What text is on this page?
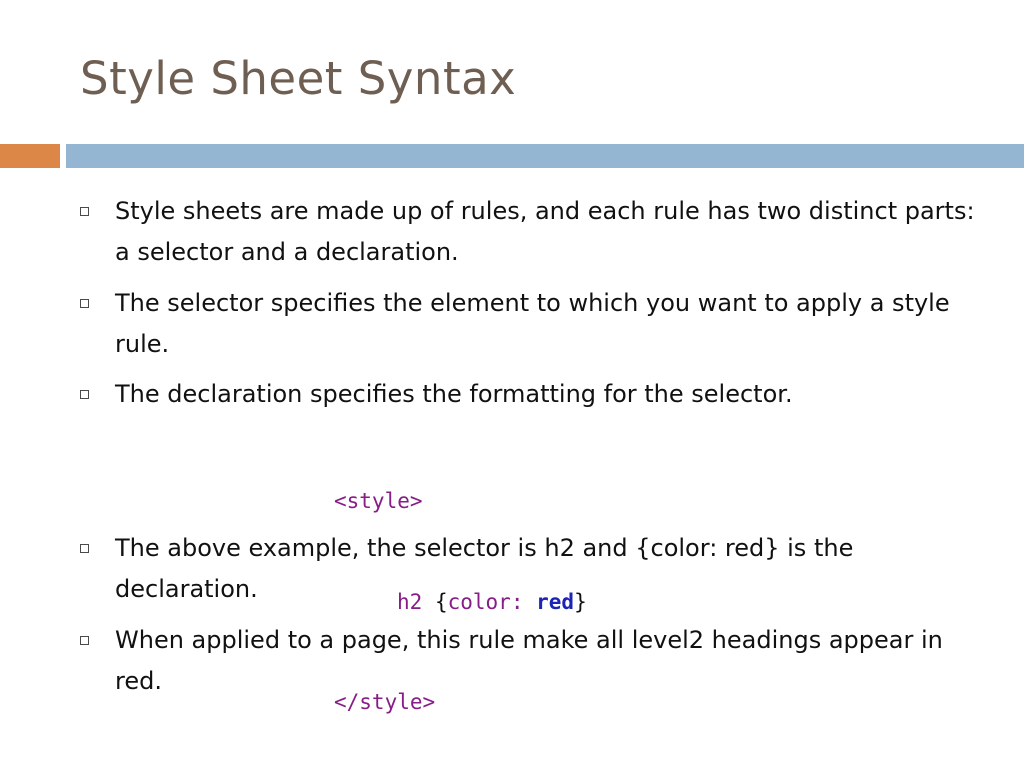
Style Sheet Syntax
Style sheets are made up of rules, and each rule has two distinct parts: a selector and a declaration.
The selector specifies the element to which you want to apply a style rule.
The declaration specifies the formatting for the selector.
The above example, the selector is h2 and {color: red} is the declaration.
When applied to a page, this rule make all level2 headings appear in red.

<style>

h2 {color: red}

</style>
